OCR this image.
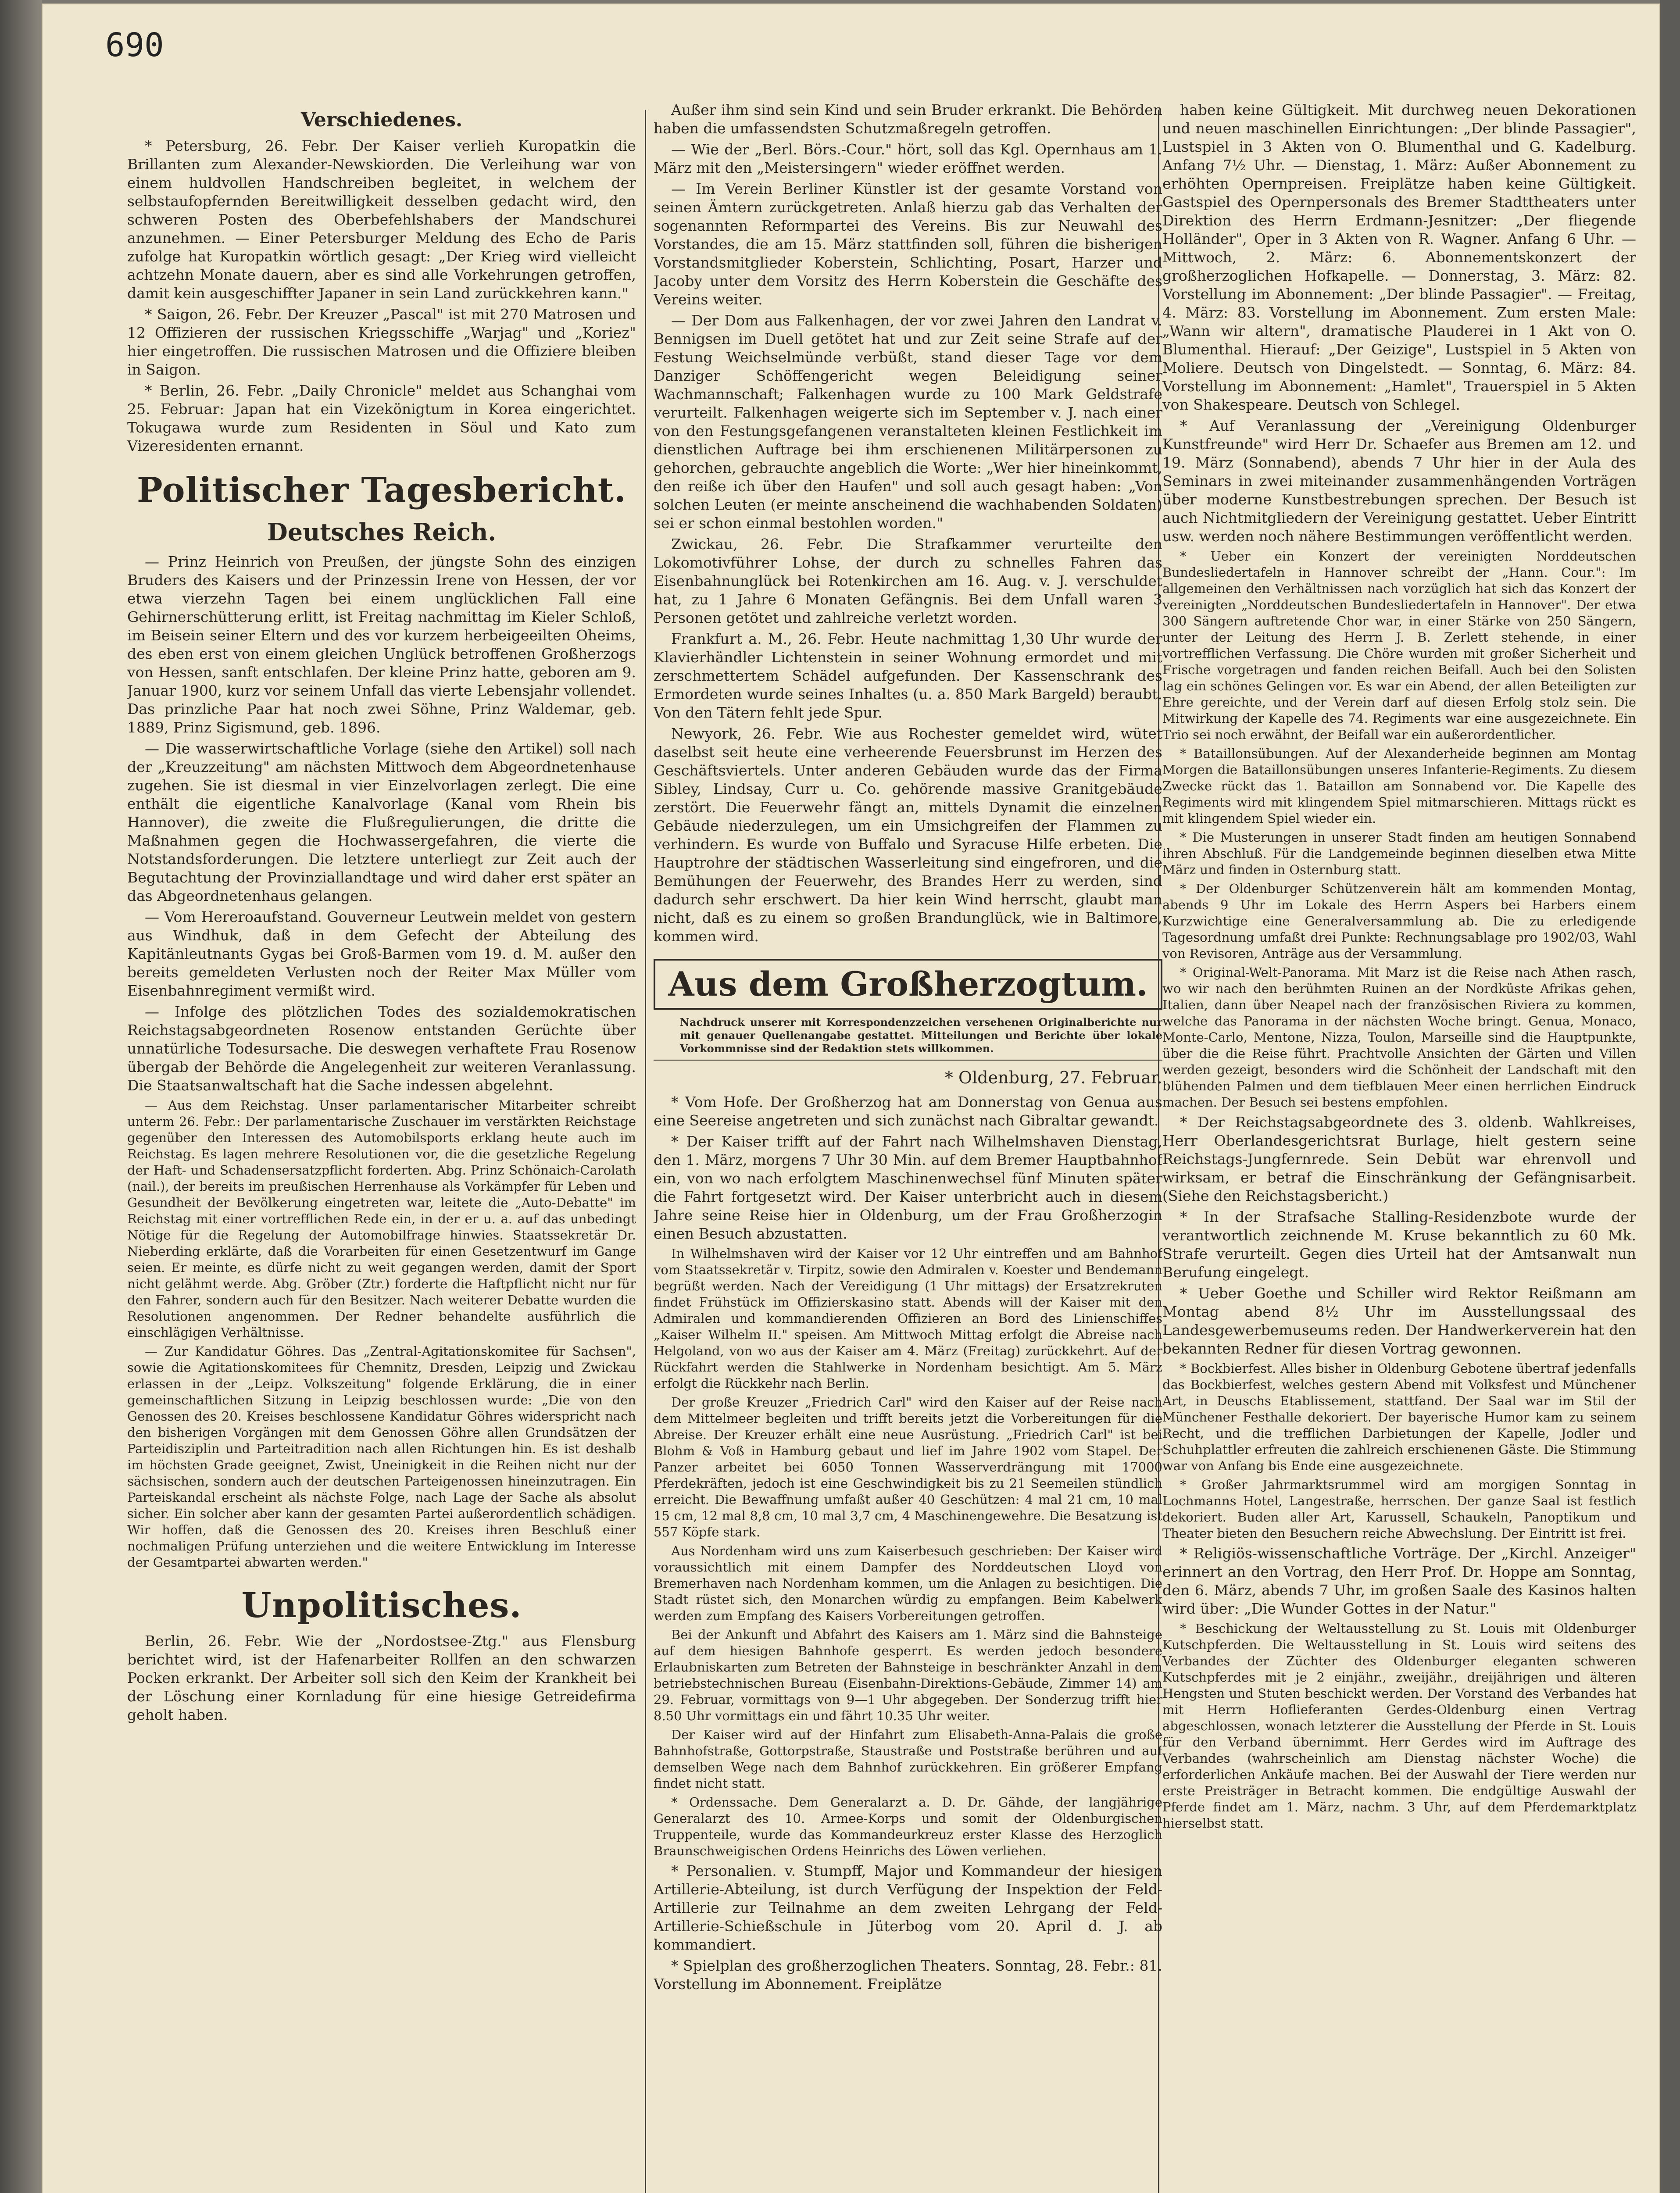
690
Verschiedenes.

* Petersburg, 26. Febr. Der Kaiser verlieh Kuropatkin die Brillanten zum Alexander-Newskiorden. Die Verleihung war von einem huldvollen Handschreiben begleitet, in welchem der selbstaufopfernden Bereitwilligkeit desselben gedacht wird, den schweren Posten des Oberbefehlshabers der Mandschurei anzunehmen. — Einer Petersburger Meldung des Echo de Paris zufolge hat Kuropatkin wörtlich gesagt: „Der Krieg wird vielleicht achtzehn Monate dauern, aber es sind alle Vorkehrungen getroffen, damit kein ausgeschiffter Japaner in sein Land zurückkehren kann."

* Saigon, 26. Febr. Der Kreuzer „Pascal" ist mit 270 Matrosen und 12 Offizieren der russischen Kriegsschiffe „Warjag" und „Koriez" hier eingetroffen. Die russischen Matrosen und die Offiziere bleiben in Saigon.

* Berlin, 26. Febr. „Daily Chronicle" meldet aus Schanghai vom 25. Februar: Japan hat ein Vizekönigtum in Korea eingerichtet. Tokugawa wurde zum Residenten in Söul und Kato zum Vizeresidenten ernannt.

Politischer Tagesbericht.
Deutsches Reich.

— Prinz Heinrich von Preußen, der jüngste Sohn des einzigen Bruders des Kaisers und der Prinzessin Irene von Hessen, der vor etwa vierzehn Tagen bei einem unglücklichen Fall eine Gehirnerschütterung erlitt, ist Freitag nachmittag im Kieler Schloß, im Beisein seiner Eltern und des vor kurzem herbeigeeilten Oheims, des eben erst von einem gleichen Unglück betroffenen Großherzogs von Hessen, sanft entschlafen. Der kleine Prinz hatte, geboren am 9. Januar 1900, kurz vor seinem Unfall das vierte Lebensjahr vollendet. Das prinzliche Paar hat noch zwei Söhne, Prinz Waldemar, geb. 1889, Prinz Sigismund, geb. 1896.

— Die wasserwirtschaftliche Vorlage (siehe den Artikel) soll nach der „Kreuzzeitung" am nächsten Mittwoch dem Abgeordnetenhause zugehen. Sie ist diesmal in vier Einzelvorlagen zerlegt. Die eine enthält die eigentliche Kanalvorlage (Kanal vom Rhein bis Hannover), die zweite die Flußregulierungen, die dritte die Maßnahmen gegen die Hochwassergefahren, die vierte die Notstandsforderungen. Die letztere unterliegt zur Zeit auch der Begutachtung der Provinziallandtage und wird daher erst später an das Abgeordnetenhaus gelangen.

— Vom Hereroaufstand. Gouverneur Leutwein meldet von gestern aus Windhuk, daß in dem Gefecht der Abteilung des Kapitänleutnants Gygas bei Groß-Barmen vom 19. d. M. außer den bereits gemeldeten Verlusten noch der Reiter Max Müller vom Eisenbahnregiment vermißt wird.

— Infolge des plötzlichen Todes des sozialdemokratischen Reichstagsabgeordneten Rosenow entstanden Gerüchte über unnatürliche Todesursache. Die deswegen verhaftete Frau Rosenow übergab der Behörde die Angelegenheit zur weiteren Veranlassung. Die Staatsanwaltschaft hat die Sache indessen abgelehnt.

— Aus dem Reichstag. Unser parlamentarischer Mitarbeiter schreibt unterm 26. Febr.: Der parlamentarische Zuschauer im verstärkten Reichstage gegenüber den Interessen des Automobilsports erklang heute auch im Reichstag. Es lagen mehrere Resolutionen vor, die die gesetzliche Regelung der Haft- und Schadensersatzpflicht forderten. Abg. Prinz Schönaich-Carolath (nail.), der bereits im preußischen Herrenhause als Vorkämpfer für Leben und Gesundheit der Bevölkerung eingetreten war, leitete die „Auto-Debatte" im Reichstag mit einer vortrefflichen Rede ein, in der er u. a. auf das unbedingt Nötige für die Regelung der Automobilfrage hinwies. Staatssekretär Dr. Nieberding erklärte, daß die Vorarbeiten für einen Gesetzentwurf im Gange seien. Er meinte, es dürfe nicht zu weit gegangen werden, damit der Sport nicht gelähmt werde. Abg. Gröber (Ztr.) forderte die Haftpflicht nicht nur für den Fahrer, sondern auch für den Besitzer. Nach weiterer Debatte wurden die Resolutionen angenommen. Der Redner behandelte ausführlich die einschlägigen Verhältnisse.

— Zur Kandidatur Göhres. Das „Zentral-Agitationskomitee für Sachsen", sowie die Agitationskomitees für Chemnitz, Dresden, Leipzig und Zwickau erlassen in der „Leipz. Volkszeitung" folgende Erklärung, die in einer gemeinschaftlichen Sitzung in Leipzig beschlossen wurde: „Die von den Genossen des 20. Kreises beschlossene Kandidatur Göhres widerspricht nach den bisherigen Vorgängen mit dem Genossen Göhre allen Grundsätzen der Parteidisziplin und Parteitradition nach allen Richtungen hin. Es ist deshalb im höchsten Grade geeignet, Zwist, Uneinigkeit in die Reihen nicht nur der sächsischen, sondern auch der deutschen Parteigenossen hineinzutragen. Ein Parteiskandal erscheint als nächste Folge, nach Lage der Sache als absolut sicher. Ein solcher aber kann der gesamten Partei außerordentlich schädigen. Wir hoffen, daß die Genossen des 20. Kreises ihren Beschluß einer nochmaligen Prüfung unterziehen und die weitere Entwicklung im Interesse der Gesamtpartei abwarten werden."

Unpolitisches.

Berlin, 26. Febr. Wie der „Nordostsee-Ztg." aus Flensburg berichtet wird, ist der Hafenarbeiter Rollfen an den schwarzen Pocken erkrankt. Der Arbeiter soll sich den Keim der Krankheit bei der Löschung einer Kornladung für eine hiesige Getreidefirma geholt haben.

Außer ihm sind sein Kind und sein Bruder erkrankt. Die Behörden haben die umfassendsten Schutzmaßregeln getroffen.

— Wie der „Berl. Börs.-Cour." hört, soll das Kgl. Opernhaus am 1. März mit den „Meistersingern" wieder eröffnet werden.

— Im Verein Berliner Künstler ist der gesamte Vorstand von seinen Ämtern zurückgetreten. Anlaß hierzu gab das Verhalten der sogenannten Reformpartei des Vereins. Bis zur Neuwahl des Vorstandes, die am 15. März stattfinden soll, führen die bisherigen Vorstandsmitglieder Koberstein, Schlichting, Posart, Harzer und Jacoby unter dem Vorsitz des Herrn Koberstein die Geschäfte des Vereins weiter.

— Der Dom aus Falkenhagen, der vor zwei Jahren den Landrat v. Bennigsen im Duell getötet hat und zur Zeit seine Strafe auf der Festung Weichselmünde verbüßt, stand dieser Tage vor dem Danziger Schöffengericht wegen Beleidigung seiner Wachmannschaft; Falkenhagen wurde zu 100 Mark Geldstrafe verurteilt. Falkenhagen weigerte sich im September v. J. nach einer von den Festungsgefangenen veranstalteten kleinen Festlichkeit im dienstlichen Auftrage bei ihm erschienenen Militärpersonen zu gehorchen, gebrauchte angeblich die Worte: „Wer hier hineinkommt, den reiße ich über den Haufen" und soll auch gesagt haben: „Von solchen Leuten (er meinte anscheinend die wachhabenden Soldaten) sei er schon einmal bestohlen worden."

Zwickau, 26. Febr. Die Strafkammer verurteilte den Lokomotivführer Lohse, der durch zu schnelles Fahren das Eisenbahnunglück bei Rotenkirchen am 16. Aug. v. J. verschuldet hat, zu 1 Jahre 6 Monaten Gefängnis. Bei dem Unfall waren 3 Personen getötet und zahlreiche verletzt worden.

Frankfurt a. M., 26. Febr. Heute nachmittag 1,30 Uhr wurde der Klavierhändler Lichtenstein in seiner Wohnung ermordet und mit zerschmettertem Schädel aufgefunden. Der Kassenschrank des Ermordeten wurde seines Inhaltes (u. a. 850 Mark Bargeld) beraubt. Von den Tätern fehlt jede Spur.

Newyork, 26. Febr. Wie aus Rochester gemeldet wird, wütet daselbst seit heute eine verheerende Feuersbrunst im Herzen des Geschäftsviertels. Unter anderen Gebäuden wurde das der Firma Sibley, Lindsay, Curr u. Co. gehörende massive Granitgebäude zerstört. Die Feuerwehr fängt an, mittels Dynamit die einzelnen Gebäude niederzulegen, um ein Umsichgreifen der Flammen zu verhindern. Es wurde von Buffalo und Syracuse Hilfe erbeten. Die Hauptrohre der städtischen Wasserleitung sind eingefroren, und die Bemühungen der Feuerwehr, des Brandes Herr zu werden, sind dadurch sehr erschwert. Da hier kein Wind herrscht, glaubt man nicht, daß es zu einem so großen Brandunglück, wie in Baltimore, kommen wird.

Aus dem Großherzogtum.
Nachdruck unserer mit Korrespondenzzeichen versehenen Originalberichte nur mit genauer Quellenangabe gestattet. Mitteilungen und Berichte über lokale Vorkommnisse sind der Redaktion stets willkommen.
* Oldenburg, 27. Februar.

* Vom Hofe. Der Großherzog hat am Donnerstag von Genua aus eine Seereise angetreten und sich zunächst nach Gibraltar gewandt.

* Der Kaiser trifft auf der Fahrt nach Wilhelmshaven Dienstag, den 1. März, morgens 7 Uhr 30 Min. auf dem Bremer Hauptbahnhof ein, von wo nach erfolgtem Maschinenwechsel fünf Minuten später die Fahrt fortgesetzt wird. Der Kaiser unterbricht auch in diesem Jahre seine Reise hier in Oldenburg, um der Frau Großherzogin einen Besuch abzustatten.

In Wilhelmshaven wird der Kaiser vor 12 Uhr eintreffen und am Bahnhof vom Staatssekretär v. Tirpitz, sowie den Admiralen v. Koester und Bendemann begrüßt werden. Nach der Vereidigung (1 Uhr mittags) der Ersatzrekruten findet Frühstück im Offizierskasino statt. Abends will der Kaiser mit den Admiralen und kommandierenden Offizieren an Bord des Linienschiffes „Kaiser Wilhelm II." speisen. Am Mittwoch Mittag erfolgt die Abreise nach Helgoland, von wo aus der Kaiser am 4. März (Freitag) zurückkehrt. Auf der Rückfahrt werden die Stahlwerke in Nordenham besichtigt. Am 5. März erfolgt die Rückkehr nach Berlin.

Der große Kreuzer „Friedrich Carl" wird den Kaiser auf der Reise nach dem Mittelmeer begleiten und trifft bereits jetzt die Vorbereitungen für die Abreise. Der Kreuzer erhält eine neue Ausrüstung. „Friedrich Carl" ist bei Blohm & Voß in Hamburg gebaut und lief im Jahre 1902 vom Stapel. Der Panzer arbeitet bei 6050 Tonnen Wasserverdrängung mit 17000 Pferdekräften, jedoch ist eine Geschwindigkeit bis zu 21 Seemeilen stündlich erreicht. Die Bewaffnung umfaßt außer 40 Geschützen: 4 mal 21 cm, 10 mal 15 cm, 12 mal 8,8 cm, 10 mal 3,7 cm, 4 Maschinengewehre. Die Besatzung ist 557 Köpfe stark.

Aus Nordenham wird uns zum Kaiserbesuch geschrieben: Der Kaiser wird voraussichtlich mit einem Dampfer des Norddeutschen Lloyd von Bremerhaven nach Nordenham kommen, um die Anlagen zu besichtigen. Die Stadt rüstet sich, den Monarchen würdig zu empfangen. Beim Kabelwerk werden zum Empfang des Kaisers Vorbereitungen getroffen.

Bei der Ankunft und Abfahrt des Kaisers am 1. März sind die Bahnsteige auf dem hiesigen Bahnhofe gesperrt. Es werden jedoch besondere Erlaubniskarten zum Betreten der Bahnsteige in beschränkter Anzahl in dem betriebstechnischen Bureau (Eisenbahn-Direktions-Gebäude, Zimmer 14) am 29. Februar, vormittags von 9—1 Uhr abgegeben. Der Sonderzug trifft hier 8.50 Uhr vormittags ein und fährt 10.35 Uhr weiter.

Der Kaiser wird auf der Hinfahrt zum Elisabeth-Anna-Palais die große Bahnhofstraße, Gottorpstraße, Staustraße und Poststraße berühren und auf demselben Wege nach dem Bahnhof zurückkehren. Ein größerer Empfang findet nicht statt.

* Ordenssache. Dem Generalarzt a. D. Dr. Gähde, der langjährige Generalarzt des 10. Armee-Korps und somit der Oldenburgischen Truppenteile, wurde das Kommandeurkreuz erster Klasse des Herzoglich Braunschweigischen Ordens Heinrichs des Löwen verliehen.

* Personalien. v. Stumpff, Major und Kommandeur der hiesigen Artillerie-Abteilung, ist durch Verfügung der Inspektion der Feld-Artillerie zur Teilnahme an dem zweiten Lehrgang der Feld-Artillerie-Schießschule in Jüterbog vom 20. April d. J. ab kommandiert.

* Spielplan des großherzoglichen Theaters. Sonntag, 28. Febr.: 81. Vorstellung im Abonnement. Freiplätze

haben keine Gültigkeit. Mit durchweg neuen Dekorationen und neuen maschinellen Einrichtungen: „Der blinde Passagier", Lustspiel in 3 Akten von O. Blumenthal und G. Kadelburg. Anfang 7½ Uhr. — Dienstag, 1. März: Außer Abonnement zu erhöhten Opernpreisen. Freiplätze haben keine Gültigkeit. Gastspiel des Opernpersonals des Bremer Stadttheaters unter Direktion des Herrn Erdmann-Jesnitzer: „Der fliegende Holländer", Oper in 3 Akten von R. Wagner. Anfang 6 Uhr. — Mittwoch, 2. März: 6. Abonnementskonzert der großherzoglichen Hofkapelle. — Donnerstag, 3. März: 82. Vorstellung im Abonnement: „Der blinde Passagier". — Freitag, 4. März: 83. Vorstellung im Abonnement. Zum ersten Male: „Wann wir altern", dramatische Plauderei in 1 Akt von O. Blumenthal. Hierauf: „Der Geizige", Lustspiel in 5 Akten von Moliere. Deutsch von Dingelstedt. — Sonntag, 6. März: 84. Vorstellung im Abonnement: „Hamlet", Trauerspiel in 5 Akten von Shakespeare. Deutsch von Schlegel.

* Auf Veranlassung der „Vereinigung Oldenburger Kunstfreunde" wird Herr Dr. Schaefer aus Bremen am 12. und 19. März (Sonnabend), abends 7 Uhr hier in der Aula des Seminars in zwei miteinander zusammenhängenden Vorträgen über moderne Kunstbestrebungen sprechen. Der Besuch ist auch Nichtmitgliedern der Vereinigung gestattet. Ueber Eintritt usw. werden noch nähere Bestimmungen veröffentlicht werden.

* Ueber ein Konzert der vereinigten Norddeutschen Bundesliedertafeln in Hannover schreibt der „Hann. Cour.": Im allgemeinen den Verhältnissen nach vorzüglich hat sich das Konzert der vereinigten „Norddeutschen Bundesliedertafeln in Hannover". Der etwa 300 Sängern auftretende Chor war, in einer Stärke von 250 Sängern, unter der Leitung des Herrn J. B. Zerlett stehende, in einer vortrefflichen Verfassung. Die Chöre wurden mit großer Sicherheit und Frische vorgetragen und fanden reichen Beifall. Auch bei den Solisten lag ein schönes Gelingen vor. Es war ein Abend, der allen Beteiligten zur Ehre gereichte, und der Verein darf auf diesen Erfolg stolz sein. Die Mitwirkung der Kapelle des 74. Regiments war eine ausgezeichnete. Ein Trio sei noch erwähnt, der Beifall war ein außerordentlicher.

* Bataillonsübungen. Auf der Alexanderheide beginnen am Montag Morgen die Bataillonsübungen unseres Infanterie-Regiments. Zu diesem Zwecke rückt das 1. Bataillon am Sonnabend vor. Die Kapelle des Regiments wird mit klingendem Spiel mitmarschieren. Mittags rückt es mit klingendem Spiel wieder ein.

* Die Musterungen in unserer Stadt finden am heutigen Sonnabend ihren Abschluß. Für die Landgemeinde beginnen dieselben etwa Mitte März und finden in Osternburg statt.

* Der Oldenburger Schützenverein hält am kommenden Montag, abends 9 Uhr im Lokale des Herrn Aspers bei Harbers einem Kurzwichtige eine Generalversammlung ab. Die zu erledigende Tagesordnung umfaßt drei Punkte: Rechnungsablage pro 1902/03, Wahl von Revisoren, Anträge aus der Versammlung.

* Original-Welt-Panorama. Mit Marz ist die Reise nach Athen rasch, wo wir nach den berühmten Ruinen an der Nordküste Afrikas gehen, Italien, dann über Neapel nach der französischen Riviera zu kommen, welche das Panorama in der nächsten Woche bringt. Genua, Monaco, Monte-Carlo, Mentone, Nizza, Toulon, Marseille sind die Hauptpunkte, über die die Reise führt. Prachtvolle Ansichten der Gärten und Villen werden gezeigt, besonders wird die Schönheit der Landschaft mit den blühenden Palmen und dem tiefblauen Meer einen herrlichen Eindruck machen. Der Besuch sei bestens empfohlen.

* Der Reichstagsabgeordnete des 3. oldenb. Wahlkreises, Herr Oberlandesgerichtsrat Burlage, hielt gestern seine Reichstags-Jungfernrede. Sein Debüt war ehrenvoll und wirksam, er betraf die Einschränkung der Gefängnisarbeit. (Siehe den Reichstagsbericht.)

* In der Strafsache Stalling-Residenzbote wurde der verantwortlich zeichnende M. Kruse bekanntlich zu 60 Mk. Strafe verurteilt. Gegen dies Urteil hat der Amtsanwalt nun Berufung eingelegt.

* Ueber Goethe und Schiller wird Rektor Reißmann am Montag abend 8½ Uhr im Ausstellungssaal des Landesgewerbemuseums reden. Der Handwerkerverein hat den bekannten Redner für diesen Vortrag gewonnen.

* Bockbierfest. Alles bisher in Oldenburg Gebotene übertraf jedenfalls das Bockbierfest, welches gestern Abend mit Volksfest und Münchener Art, in Deuschs Etablissement, stattfand. Der Saal war im Stil der Münchener Festhalle dekoriert. Der bayerische Humor kam zu seinem Recht, und die trefflichen Darbietungen der Kapelle, Jodler und Schuhplattler erfreuten die zahlreich erschienenen Gäste. Die Stimmung war von Anfang bis Ende eine ausgezeichnete.

* Großer Jahrmarktsrummel wird am morgigen Sonntag in Lochmanns Hotel, Langestraße, herrschen. Der ganze Saal ist festlich dekoriert. Buden aller Art, Karussell, Schaukeln, Panoptikum und Theater bieten den Besuchern reiche Abwechslung. Der Eintritt ist frei.

* Religiös-wissenschaftliche Vorträge. Der „Kirchl. Anzeiger" erinnert an den Vortrag, den Herr Prof. Dr. Hoppe am Sonntag, den 6. März, abends 7 Uhr, im großen Saale des Kasinos halten wird über: „Die Wunder Gottes in der Natur."

* Beschickung der Weltausstellung zu St. Louis mit Oldenburger Kutschpferden. Die Weltausstellung in St. Louis wird seitens des Verbandes der Züchter des Oldenburger eleganten schweren Kutschpferdes mit je 2 einjähr., zweijähr., dreijährigen und älteren Hengsten und Stuten beschickt werden. Der Vorstand des Verbandes hat mit Herrn Hoflieferanten Gerdes-Oldenburg einen Vertrag abgeschlossen, wonach letzterer die Ausstellung der Pferde in St. Louis für den Verband übernimmt. Herr Gerdes wird im Auftrage des Verbandes (wahrscheinlich am Dienstag nächster Woche) die erforderlichen Ankäufe machen. Bei der Auswahl der Tiere werden nur erste Preisträger in Betracht kommen. Die endgültige Auswahl der Pferde findet am 1. März, nachm. 3 Uhr, auf dem Pferdemarktplatz hierselbst statt.
